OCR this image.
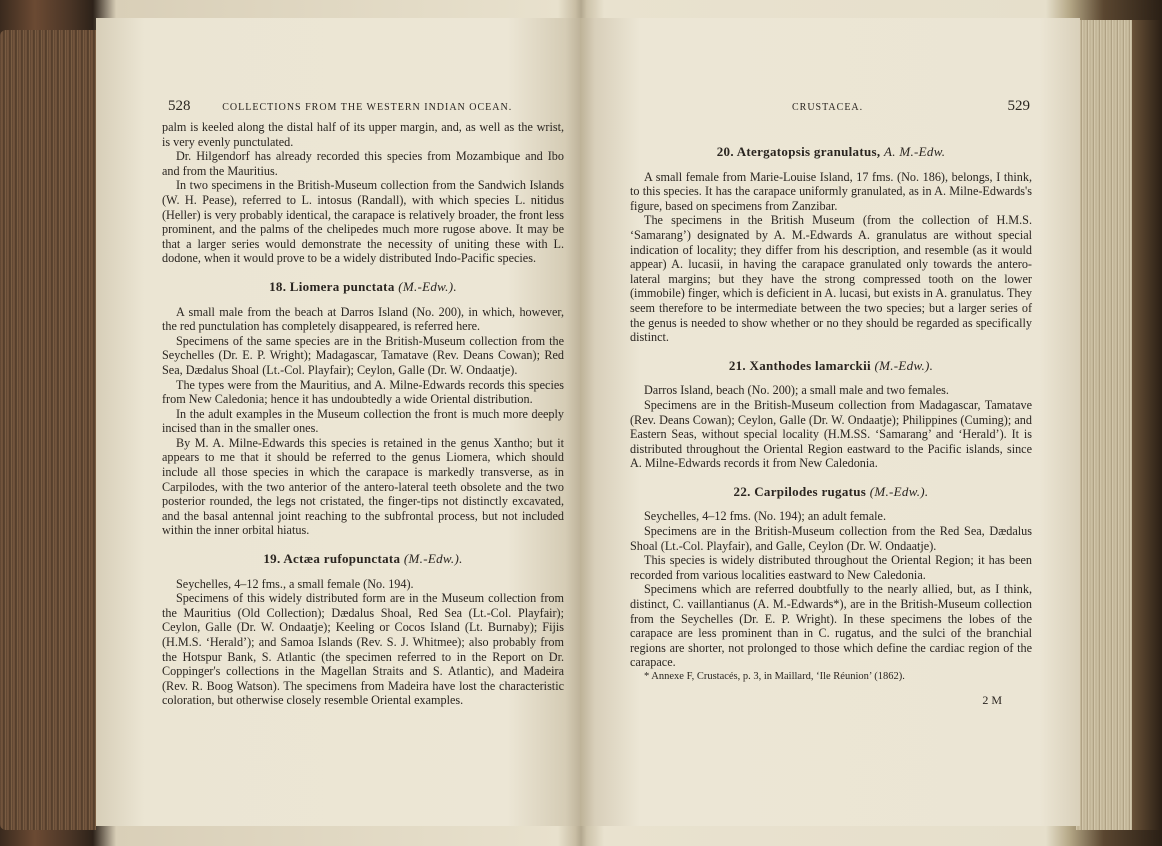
528	COLLECTIONS FROM THE WESTERN INDIAN OCEAN.

palm is keeled along the distal half of its upper margin, and, as well as the wrist, is very evenly punctulated.

Dr. Hilgendorf has already recorded this species from Mozambique and Ibo and from the Mauritius.

In two specimens in the British-Museum collection from the Sandwich Islands (W. H. Pease), referred to L. intosus (Randall), with which species L. nitidus (Heller) is very probably identical, the carapace is relatively broader, the front less prominent, and the palms of the chelipedes much more rugose above. It may be that a larger series would demonstrate the necessity of uniting these with L. dodone, when it would prove to be a widely distributed Indo-Pacific species.

18. Liomera punctata (M.-Edw.).

A small male from the beach at Darros Island (No. 200), in which, however, the red punctulation has completely disappeared, is referred here.

Specimens of the same species are in the British-Museum collection from the Seychelles (Dr. E. P. Wright); Madagascar, Tamatave (Rev. Deans Cowan); Red Sea, Dædalus Shoal (Lt.-Col. Playfair); Ceylon, Galle (Dr. W. Ondaatje).

The types were from the Mauritius, and A. Milne-Edwards records this species from New Caledonia; hence it has undoubtedly a wide Oriental distribution.

In the adult examples in the Museum collection the front is much more deeply incised than in the smaller ones.

By M. A. Milne-Edwards this species is retained in the genus Xantho; but it appears to me that it should be referred to the genus Liomera, which should include all those species in which the carapace is markedly transverse, as in Carpilodes, with the two anterior of the antero-lateral teeth obsolete and the two posterior rounded, the legs not cristated, the finger-tips not distinctly excavated, and the basal antennal joint reaching to the subfrontal process, but not included within the inner orbital hiatus.

19. Actæa rufopunctata (M.-Edw.).

Seychelles, 4–12 fms., a small female (No. 194).

Specimens of this widely distributed form are in the Museum collection from the Mauritius (Old Collection); Dædalus Shoal, Red Sea (Lt.-Col. Playfair); Ceylon, Galle (Dr. W. Ondaatje); Keeling or Cocos Island (Lt. Burnaby); Fijis (H.M.S. ‘Herald’); and Samoa Islands (Rev. S. J. Whitmee); also probably from the Hotspur Bank, S. Atlantic (the specimen referred to in the Report on Dr. Coppinger's collections in the Magellan Straits and S. Atlantic), and Madeira (Rev. R. Boog Watson). The specimens from Madeira have lost the characteristic coloration, but otherwise closely resemble Oriental examples.

CRUSTACEA.	529
20. Atergatopsis granulatus, A. M.-Edw.

A small female from Marie-Louise Island, 17 fms. (No. 186), belongs, I think, to this species. It has the carapace uniformly granulated, as in A. Milne-Edwards's figure, based on specimens from Zanzibar.

The specimens in the British Museum (from the collection of H.M.S. ‘Samarang’) designated by A. M.-Edwards A. granulatus are without special indication of locality; they differ from his description, and resemble (as it would appear) A. lucasii, in having the carapace granulated only towards the antero-lateral margins; but they have the strong compressed tooth on the lower (immobile) finger, which is deficient in A. lucasi, but exists in A. granulatus. They seem therefore to be intermediate between the two species; but a larger series of the genus is needed to show whether or no they should be regarded as specifically distinct.

21. Xanthodes lamarckii (M.-Edw.).

Darros Island, beach (No. 200); a small male and two females.

Specimens are in the British-Museum collection from Madagascar, Tamatave (Rev. Deans Cowan); Ceylon, Galle (Dr. W. Ondaatje); Philippines (Cuming); and Eastern Seas, without special locality (H.M.SS. ‘Samarang’ and ‘Herald’). It is distributed throughout the Oriental Region eastward to the Pacific islands, since A. Milne-Edwards records it from New Caledonia.

22. Carpilodes rugatus (M.-Edw.).

Seychelles, 4–12 fms. (No. 194); an adult female.

Specimens are in the British-Museum collection from the Red Sea, Dædalus Shoal (Lt.-Col. Playfair), and Galle, Ceylon (Dr. W. Ondaatje).

This species is widely distributed throughout the Oriental Region; it has been recorded from various localities eastward to New Caledonia.

Specimens which are referred doubtfully to the nearly allied, but, as I think, distinct, C. vaillantianus (A. M.-Edwards*), are in the British-Museum collection from the Seychelles (Dr. E. P. Wright). In these specimens the lobes of the carapace are less prominent than in C. rugatus, and the sulci of the branchial regions are shorter, not prolonged to those which define the cardiac region of the carapace.

* Annexe F, Crustacés, p. 3, in Maillard, ‘Ile Réunion’ (1862).

2 M
